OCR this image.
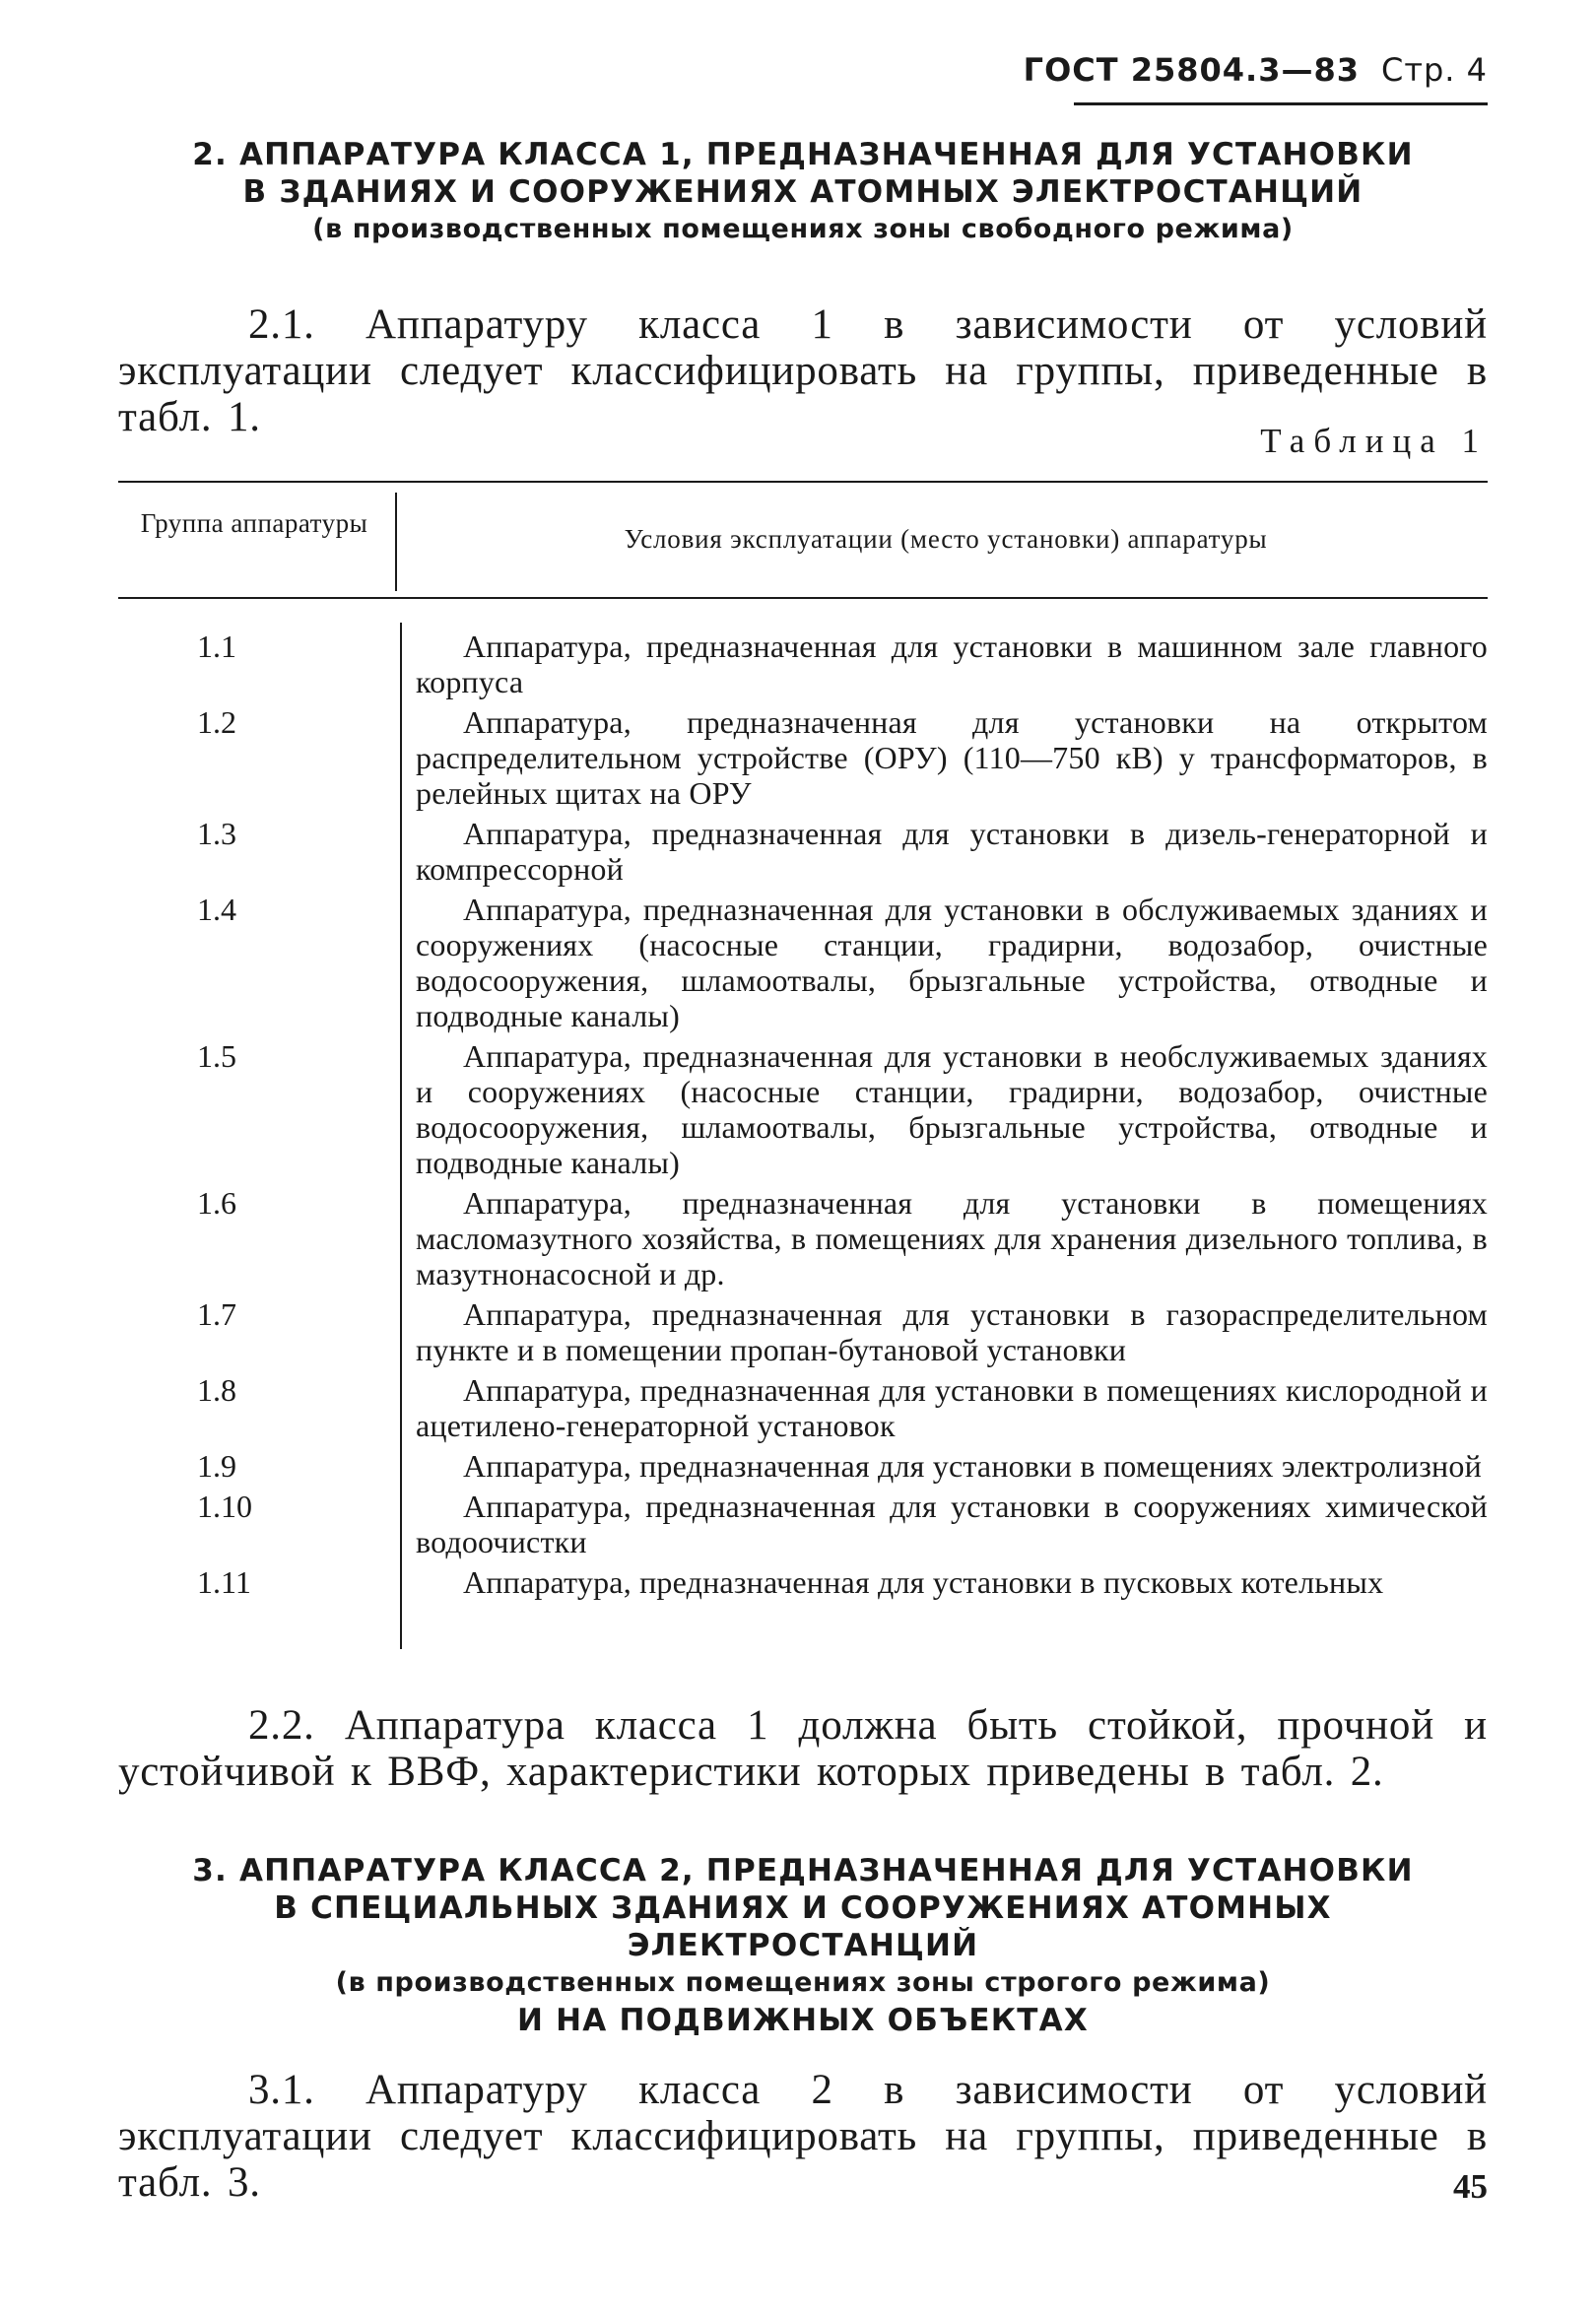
ГОСТ 25804.3—83 Стр. 4
2. АППАРАТУРА КЛАССА 1, ПРЕДНАЗНАЧЕННАЯ ДЛЯ УСТАНОВКИ
В ЗДАНИЯХ И СООРУЖЕНИЯХ АТОМНЫХ ЭЛЕКТРОСТАНЦИЙ
(в производственных помещениях зоны свободного режима)

2.1. Аппаратуру класса 1 в зависимости от условий эксплуатации следует классифицировать на группы, приведенные в табл. 1.

Таблица 1
Группа аппаратуры
Условия эксплуатации (место установки) аппаратуры
1.1	Аппаратура, предназначенная для установки в машинном зале главного корпуса
1.2	Аппаратура, предназначенная для установки на открытом распределительном устройстве (ОРУ) (110—750 кВ) у трансформаторов, в релейных щитах на ОРУ
1.3	Аппаратура, предназначенная для установки в дизель-генераторной и компрессорной
1.4	Аппаратура, предназначенная для установки в обслуживаемых зданиях и сооружениях (насосные станции, градирни, водозабор, очистные водосооружения, шламоотвалы, брызгальные устройства, отводные и подводные каналы)
1.5	Аппаратура, предназначенная для установки в необслуживаемых зданиях и сооружениях (насосные станции, градирни, водозабор, очистные водосооружения, шламоотвалы, брызгальные устройства, отводные и подводные каналы)
1.6	Аппаратура, предназначенная для установки в помещениях масломазутного хозяйства, в помещениях для хранения дизельного топлива, в мазутнонасосной и др.
1.7	Аппаратура, предназначенная для установки в газораспределительном пункте и в помещении пропан-бутановой установки
1.8	Аппаратура, предназначенная для установки в помещениях кислородной и ацетилено-генераторной установок
1.9	Аппаратура, предназначенная для установки в помещениях электролизной
1.10	Аппаратура, предназначенная для установки в сооружениях химической водоочистки
1.11	Аппаратура, предназначенная для установки в пусковых котельных

2.2. Аппаратура класса 1 должна быть стойкой, прочной и устойчивой к ВВФ, характеристики которых приведены в табл. 2.

3. АППАРАТУРА КЛАССА 2, ПРЕДНАЗНАЧЕННАЯ ДЛЯ УСТАНОВКИ
В СПЕЦИАЛЬНЫХ ЗДАНИЯХ И СООРУЖЕНИЯХ АТОМНЫХ ЭЛЕКТРОСТАНЦИЙ
(в производственных помещениях зоны строгого режима)
И НА ПОДВИЖНЫХ ОБЪЕКТАХ

3.1. Аппаратуру класса 2 в зависимости от условий эксплуатации следует классифицировать на группы, приведенные в табл. 3.	45
